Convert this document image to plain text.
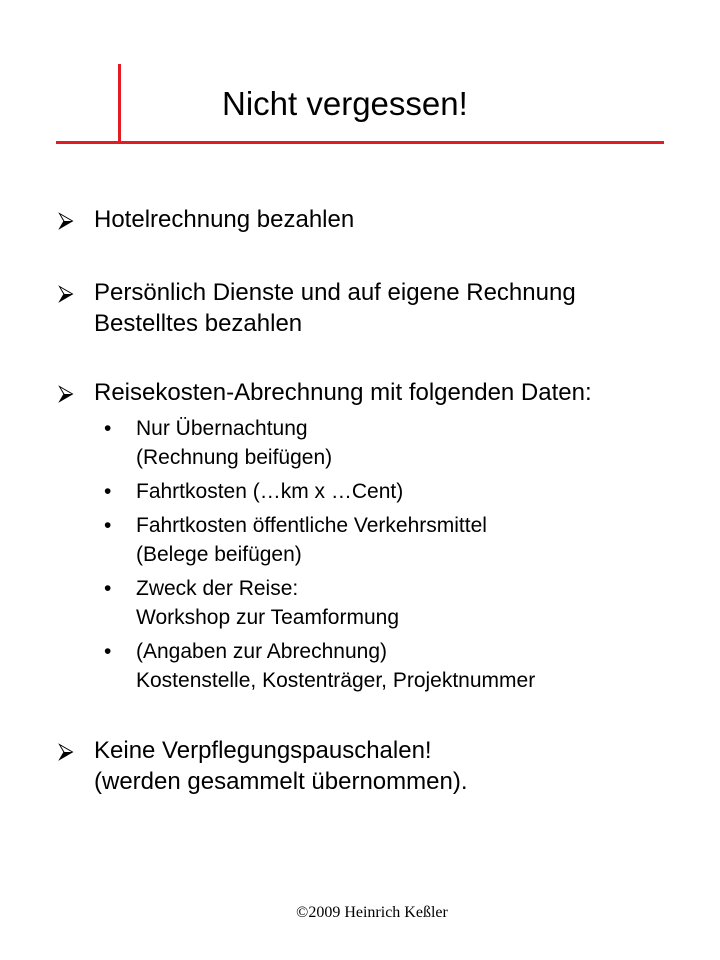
Nicht vergessen!
⮚ Hotelrechnung bezahlen
⮚ Persönlich Dienste und auf eigene Rechnung
Bestelltes bezahlen
⮚ Reisekosten-Abrechnung mit folgenden Daten:
• Nur Übernachtung
(Rechnung beifügen)
• Fahrtkosten (…km x …Cent)
• Fahrtkosten öffentliche Verkehrsmittel
(Belege beifügen)
• Zweck der Reise:
Workshop zur Teamformung
• (Angaben zur Abrechnung)
Kostenstelle, Kostenträger, Projektnummer
⮚ Keine Verpflegungspauschalen!
(werden gesammelt übernommen).
©2009 Heinrich Keßler
